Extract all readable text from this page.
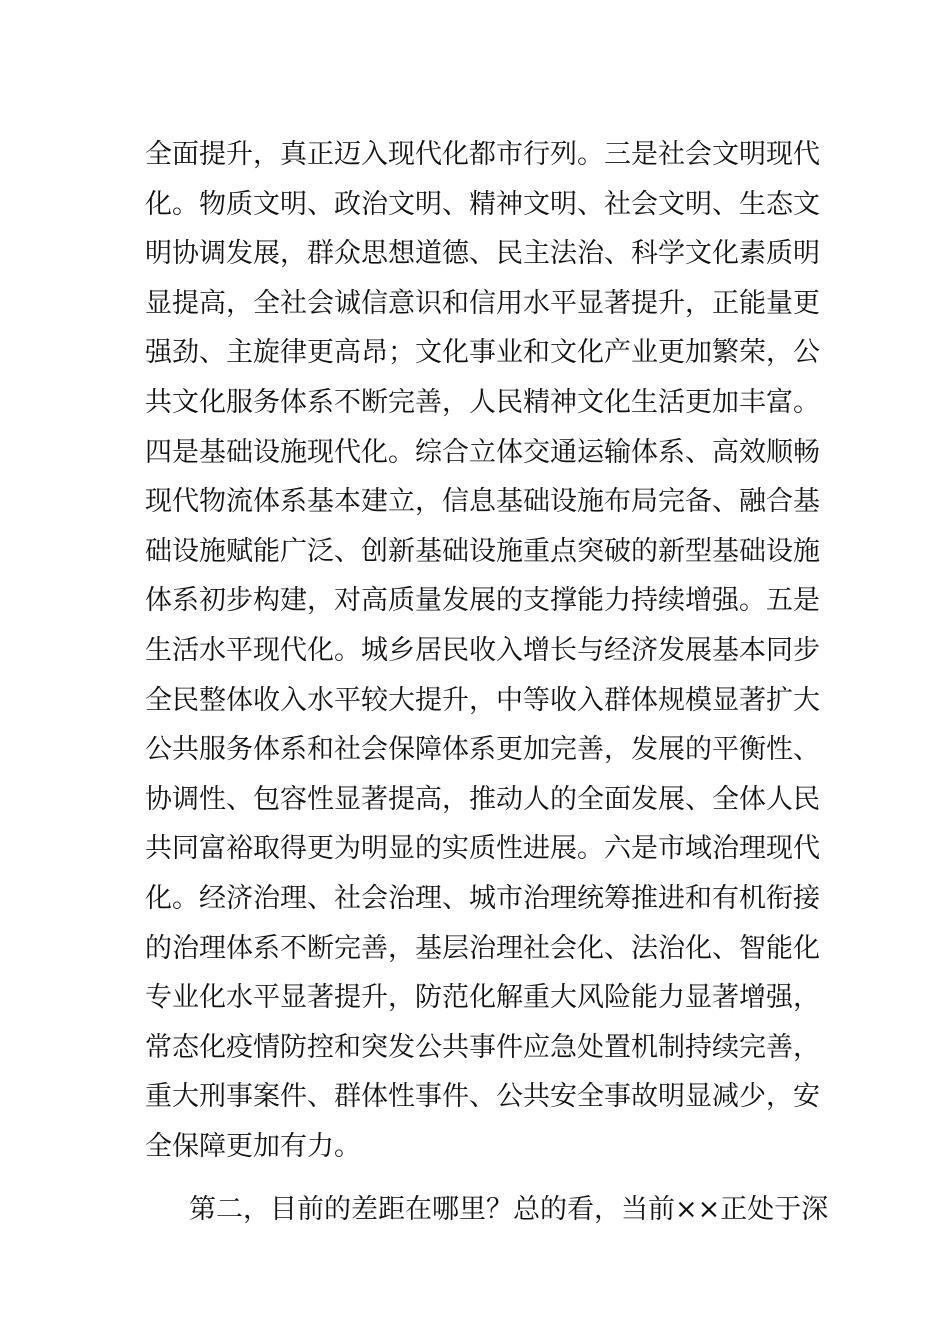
全面提升，真正迈入现代化都市行列。三是社会文明现代
化。物质文明、政治文明、精神文明、社会文明、生态文
明协调发展，群众思想道德、民主法治、科学文化素质明
显提高，全社会诚信意识和信用水平显著提升，正能量更
强劲、主旋律更高昂；文化事业和文化产业更加繁荣，公
共文化服务体系不断完善，人民精神文化生活更加丰富。
四是基础设施现代化。综合立体交通运输体系、高效顺畅
现代物流体系基本建立，信息基础设施布局完备、融合基
础设施赋能广泛、创新基础设施重点突破的新型基础设施
体系初步构建，对高质量发展的支撑能力持续增强。五是
生活水平现代化。城乡居民收入增长与经济发展基本同步
全民整体收入水平较大提升，中等收入群体规模显著扩大
公共服务体系和社会保障体系更加完善，发展的平衡性、
协调性、包容性显著提高，推动人的全面发展、全体人民
共同富裕取得更为明显的实质性进展。六是市域治理现代
化。经济治理、社会治理、城市治理统筹推进和有机衔接
的治理体系不断完善，基层治理社会化、法治化、智能化
专业化水平显著提升，防范化解重大风险能力显著增强，
常态化疫情防控和突发公共事件应急处置机制持续完善，
重大刑事案件、群体性事件、公共安全事故明显减少，安
全保障更加有力。
第二，目前的差距在哪里？总的看，当前××正处于深
